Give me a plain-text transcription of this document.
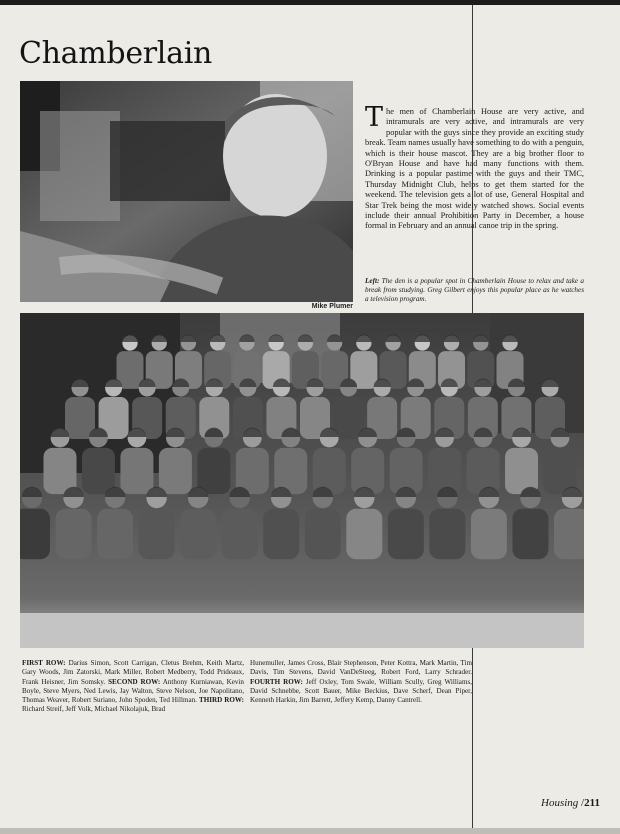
Chamberlain
Mike Plumer

The men of Chamberlain House are very active, and intramurals are very active, and intramurals are very popular with the guys since they provide an exciting study break. Team names usually have something to do with a penguin, which is their house mascot. They are a big brother floor to O'Bryan House and have had many functions with them. Drinking is a popular pastime with the guys and their TMC, Thursday Midnight Club, helps to get them started for the weekend. The television gets a lot of use, General Hospital and Star Trek being the most widely watched shows. Social events include their annual Prohibition Party in December, a house formal in February and an annual canoe trip in the spring.

Left: The den is a popular spot in Chamberlain House to relax and take a break from studying. Greg Gilbert enjoys this popular place as he watches a television program.

FIRST ROW: Darius Simon, Scott Carrigan, Cletus Brehm, Keith Martz, Gary Woods, Jim Zatorski, Mark Miller, Robert Medberry, Todd Prideaux, Frank Heisner, Jim Somsky. SECOND ROW: Anthony Kurniawan, Kevin Boyle, Steve Myers, Ned Lewis, Jay Walton, Steve Nelson, Joe Napolitano, Thomas Weaver, Robert Suriano, John Spoden, Ted Hillman. THIRD ROW: Richard Streif, Jeff Volk, Michael Nikolajuk, Brad

Hunemuller, James Cross, Blair Stephenson, Peter Kottra, Mark Martin, Tim Davis, Tim Stevens, David VanDeSteeg, Robert Ford, Larry Schrader. FOURTH ROW: Jeff Oxley, Tom Swale, William Scully, Greg Williams, David Schnebbe, Scott Bauer, Mike Beckius, Dave Scherf, Dean Piper, Kenneth Harkin, Jim Barrett, Jeffery Kemp, Danny Cantrell.

Housing /211
